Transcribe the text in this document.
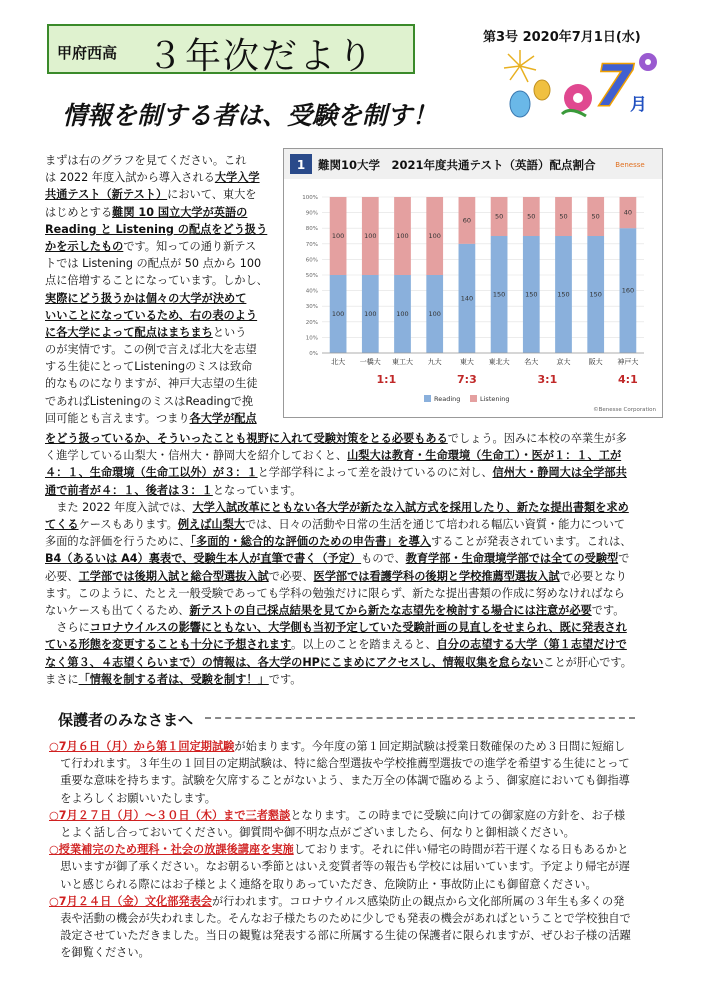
甲府西高 ３年次だより	第3号 2020年7月1日(水)
7
月
情報を制する者は、受験を制す！
まずは右のグラフを見てください。これ
は 2022 年度入試から導入される大学入学
共通テスト（新テスト）において、東大を
はじめとする難関 10 国立大学が英語の
Reading と Listening の配点をどう扱う
かを示したものです。知っての通り新テス
トでは Listening の配点が 50 点から 100
点に倍増することになっています。しかし、
実際にどう扱うかは個々の大学が決めて
いいことになっているため、右の表のよう
に各大学によって配点はまちまちという
のが実情です。この例で言えば北大を志望
する生徒にとってListeningのミスは致命
的なものになりますが、神戸大志望の生徒
であればListeningのミスはReadingで挽
回可能とも言えます。つまり各大学が配点
1 難関10大学　2021年度共通テスト（英語）配点割合	Benesse
0%
10%
20%
30%
40%
50%
60%
70%
80%
90%
100%
100
100
北大
100
100
一橋大
100
100
東工大
100
100
九大
140
60
東大
150
50
東北大
150
50
名大
150
50
京大
150
50
阪大
160
40
神戸大
1:1	7:3	3:1	4:1
Reading	Listening
©Benesse Corporation
をどう扱っているか、そういったことも視野に入れて受験対策をとる必要もあるでしょう。因みに本校の卒業生が多
く進学している山梨大・信州大・静岡大を紹介しておくと、山梨大は教育・生命環境（生命工）・医が１：１、工が
４：１、生命環境（生命工以外）が３：１と学部学科によって差を設けているのに対し、信州大・静岡大は全学部共
通で前者が４：１、後者は３：１となっています。
　また 2022 年度入試では、大学入試改革にともない各大学が新たな入試方式を採用したり、新たな提出書類を求め
てくるケースもあります。例えば山梨大では、日々の活動や日常の生活を通じて培われる幅広い資質・能力について
多面的な評価を行うために、「多面的・総合的な評価のための申告書」を導入することが発表されています。これは、
B4（あるいは A4）裏表で、受験生本人が直筆で書く（予定）もので、教育学部・生命環境学部では全ての受験型で
必要、工学部では後期入試と総合型選抜入試で必要、医学部では看護学科の後期と学校推薦型選抜入試で必要となり
ます。このように、たとえ一般受験であっても学科の勉強だけに限らず、新たな提出書類の作成に努めなければなら
ないケースも出てくるため、新テストの自己採点結果を見てから新たな志望先を検討する場合には注意が必要です。
　さらにコロナウイルスの影響にともない、大学側も当初予定していた受験計画の見直しをせまられ、既に発表され
ている形態を変更することも十分に予想されます。以上のことを踏まえると、自分の志望する大学（第１志望だけで
なく第３、４志望くらいまで）の情報は、各大学のHPにこまめにアクセスし、情報収集を怠らないことが肝心です。
まさに「情報を制する者は、受験を制す！」です。
保護者のみなさまへ
○7月６日（月）から第１回定期試験が始まります。今年度の第１回定期試験は授業日数確保のため３日間に短縮し
　て行われます。３年生の１回目の定期試験は、特に総合型選抜や学校推薦型選抜での進学を希望する生徒にとって
　重要な意味を持ちます。試験を欠席することがないよう、また万全の体調で臨めるよう、御家庭においても御指導
　をよろしくお願いいたします。
○7月２７日（月）～３０日（木）まで三者懇談となります。この時までに受験に向けての御家庭の方針を、お子様
　とよく話し合っておいてください。御質問や御不明な点がございましたら、何なりと御相談ください。
○授業補完のため理科・社会の放課後講座を実施しております。それに伴い帰宅の時間が若干遅くなる日もあるかと
　思いますが御了承ください。なお朝るい季節とはいえ変質者等の報告も学校には届いています。予定より帰宅が遅
　いと感じられる際にはお子様とよく連絡を取りあっていただき、危険防止・事故防止にも御留意ください。
○7月２４日（金）文化部発表会が行われます。コロナウイルス感染防止の観点から文化部所属の３年生も多くの発
　表や活動の機会が失われました。そんなお子様たちのために少しでも発表の機会があればということで学校独自で
　設定させていただきました。当日の観覧は発表する部に所属する生徒の保護者に限られますが、ぜひお子様の活躍
　を御覧ください。
